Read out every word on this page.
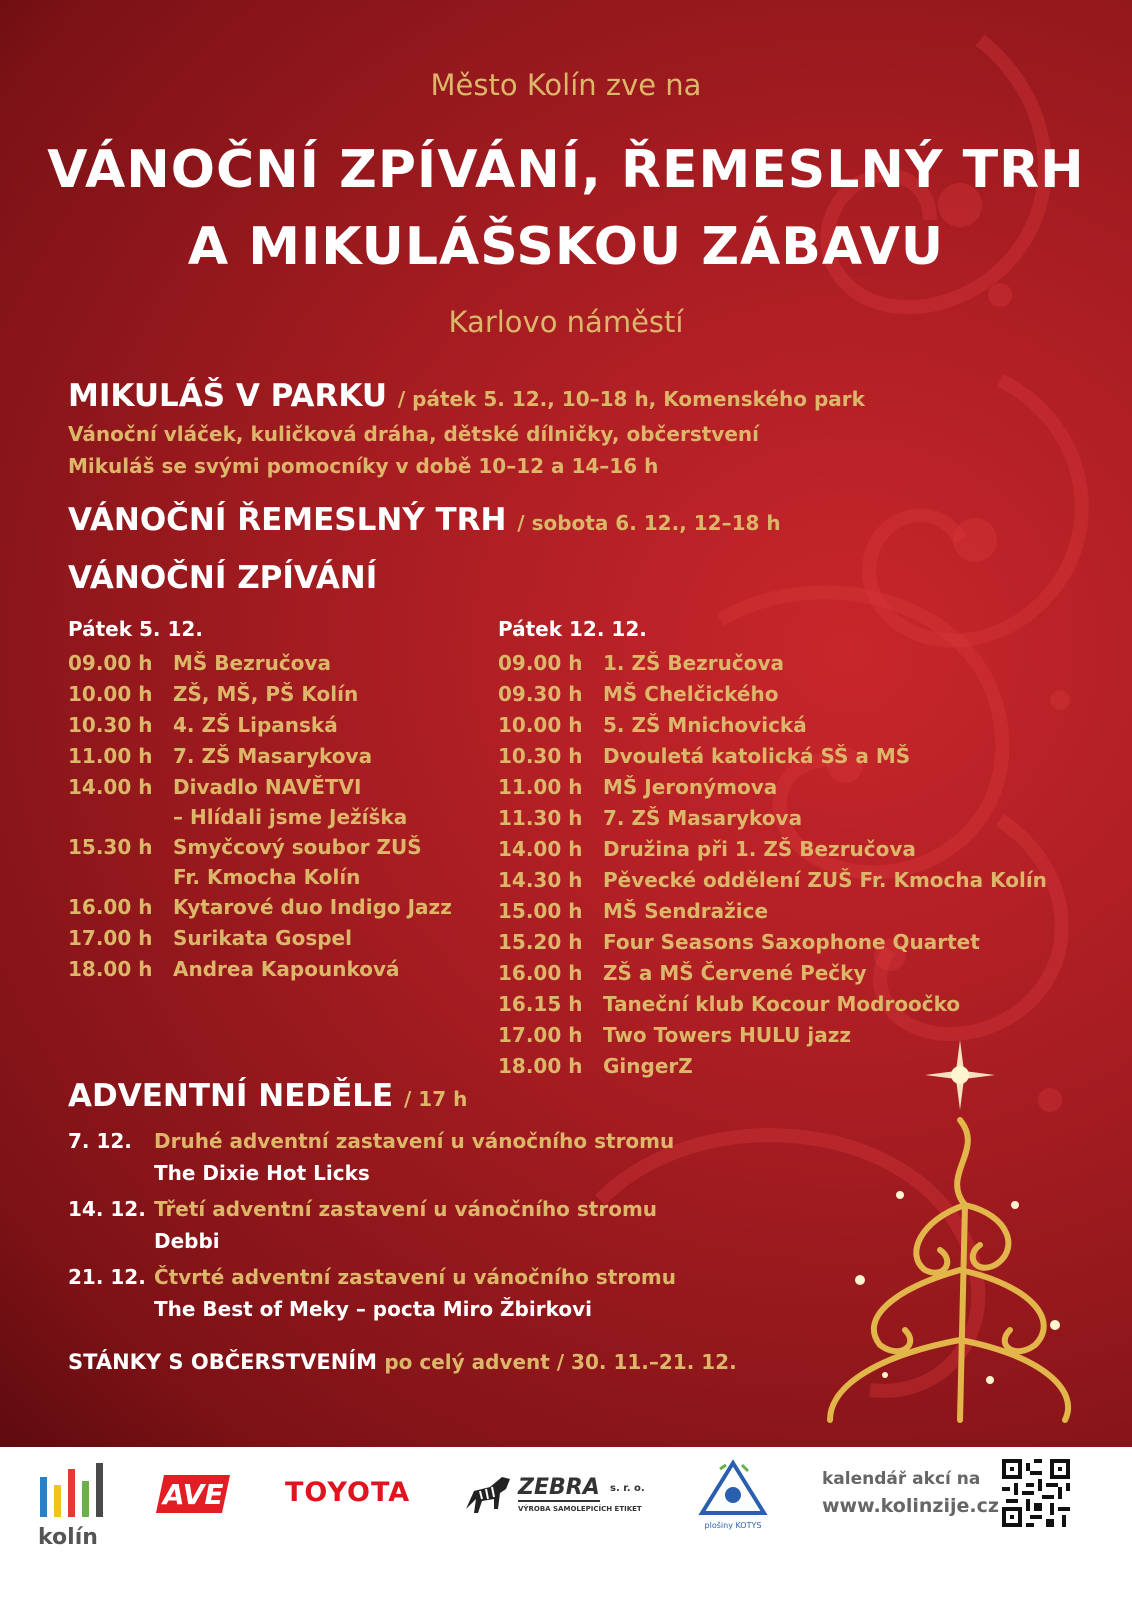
Město Kolín zve na
VÁNOČNÍ ZPÍVÁNÍ, ŘEMESLNÝ TRH
A MIKULÁŠSKOU ZÁBAVU
Karlovo náměstí
MIKULÁŠ V PARKU / pátek 5. 12., 10–18 h, Komenského park
Vánoční vláček, kuličková dráha, dětské dílničky, občerstvení
Mikuláš se svými pomocníky v době 10–12 a 14–16 h
VÁNOČNÍ ŘEMESLNÝ TRH / sobota 6. 12., 12–18 h
VÁNOČNÍ ZPÍVÁNÍ
Pátek 5. 12.
09.00 h	MŠ Bezručova
10.00 h	ZŠ, MŠ, PŠ Kolín
10.30 h	4. ZŠ Lipanská
11.00 h	7. ZŠ Masarykova
14.00 h	Divadlo NAVĚTVI
– Hlídali jsme Ježíška
15.30 h	Smyčcový soubor ZUŠ
Fr. Kmocha Kolín
16.00 h	Kytarové duo Indigo Jazz
17.00 h	Surikata Gospel
18.00 h	Andrea Kapounková
Pátek 12. 12.
09.00 h	1. ZŠ Bezručova
09.30 h	MŠ Chelčického
10.00 h	5. ZŠ Mnichovická
10.30 h	Dvouletá katolická SŠ a MŠ
11.00 h	MŠ Jeronýmova
11.30 h	7. ZŠ Masarykova
14.00 h	Družina při 1. ZŠ Bezručova
14.30 h	Pěvecké oddělení ZUŠ Fr. Kmocha Kolín
15.00 h	MŠ Sendražice
15.20 h	Four Seasons Saxophone Quartet
16.00 h	ZŠ a MŠ Červené Pečky
16.15 h	Taneční klub Kocour Modroočko
17.00 h	Two Towers HULU jazz
18.00 h	GingerZ
ADVENTNÍ NEDĚLE / 17 h
7. 12.	Druhé adventní zastavení u vánočního stromu
The Dixie Hot Licks
14. 12. Třetí adventní zastavení u vánočního stromu
Debbi
21. 12. Čtvrté adventní zastavení u vánočního stromu
The Best of Meky – pocta Miro Žbirkovi
STÁNKY S OBČERSTVENÍM po celý advent / 30. 11.–21. 12.
kolín
AVE TOYOTA	ZEBRA s. r. o.
VÝROBA SAMOLEPICÍCH ETIKET
plošiny KOTYS
kalendář akcí na
www.kolinzije.cz
